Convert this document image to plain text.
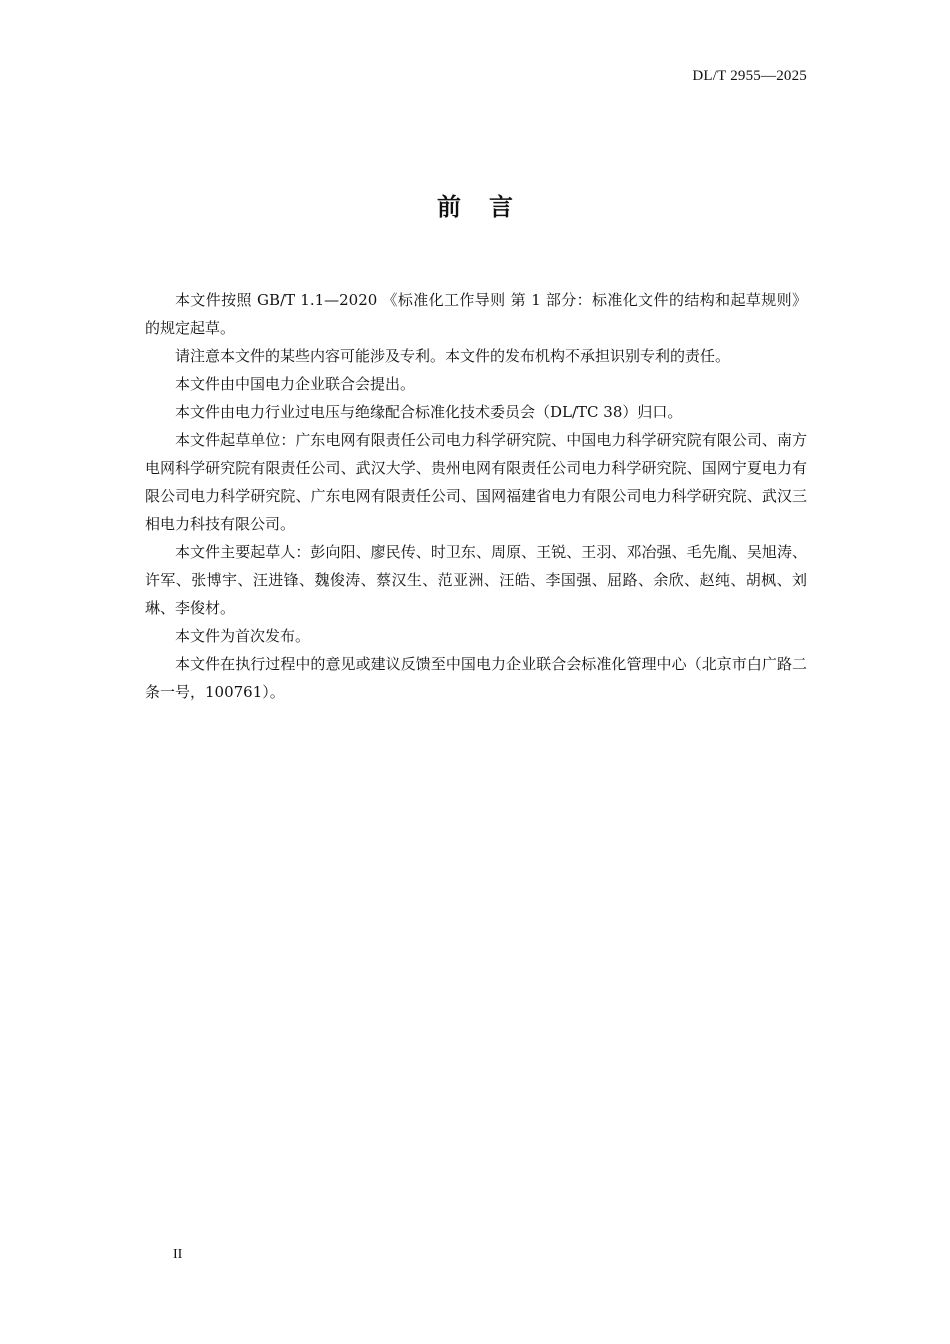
DL/T 2955—2025
前言

本文件按照 GB/T 1.1—2020 《标准化工作导则 第 1 部分：标准化文件的结构和起草规则》的规定起草。

请注意本文件的某些内容可能涉及专利。本文件的发布机构不承担识别专利的责任。

本文件由中国电力企业联合会提出。

本文件由电力行业过电压与绝缘配合标准化技术委员会（DL/TC 38）归口。

本文件起草单位：广东电网有限责任公司电力科学研究院、中国电力科学研究院有限公司、南方电网科学研究院有限责任公司、武汉大学、贵州电网有限责任公司电力科学研究院、国网宁夏电力有限公司电力科学研究院、广东电网有限责任公司、国网福建省电力有限公司电力科学研究院、武汉三相电力科技有限公司。

本文件主要起草人：彭向阳、廖民传、时卫东、周原、王锐、王羽、邓冶强、毛先胤、吴旭涛、许军、张博宇、汪进锋、魏俊涛、蔡汉生、范亚洲、汪皓、李国强、屈路、余欣、赵纯、胡枫、刘琳、李俊材。

本文件为首次发布。

本文件在执行过程中的意见或建议反馈至中国电力企业联合会标准化管理中心（北京市白广路二条一号，100761）。

II
